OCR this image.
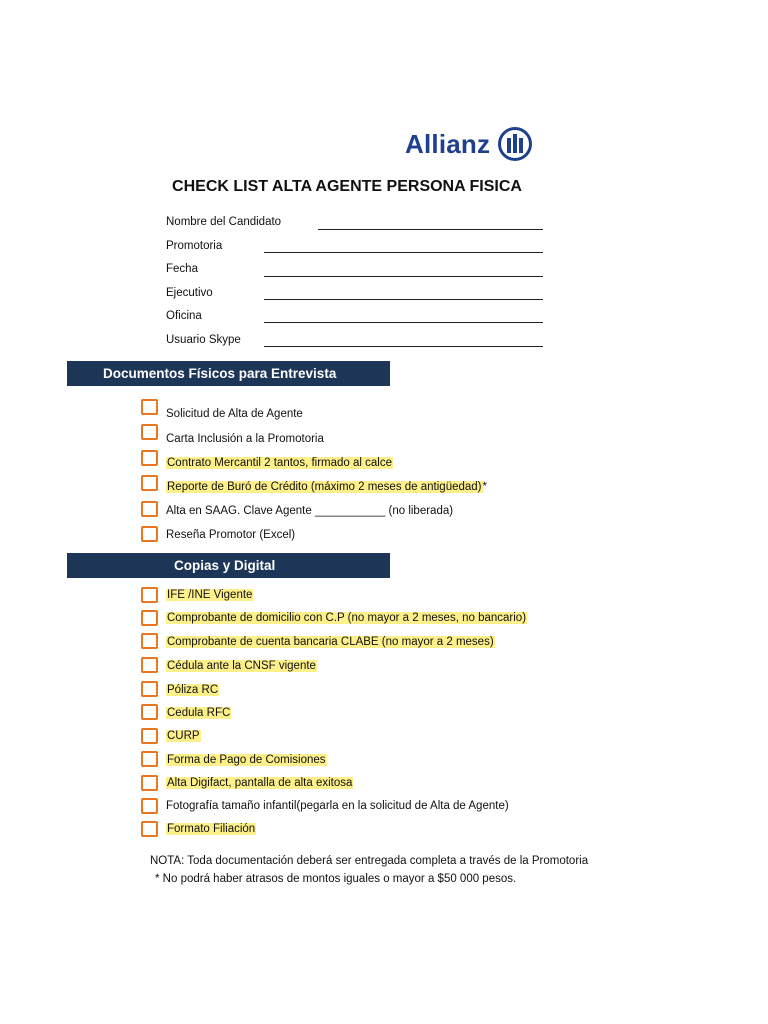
Allianz
CHECK LIST ALTA AGENTE PERSONA FISICA
Nombre del Candidato
Promotoria
Fecha
Ejecutivo
Oficina
Usuario Skype
Documentos Físicos para Entrevista
Solicitud de Alta de Agente
Carta Inclusión a la Promotoria
Contrato Mercantil 2 tantos, firmado al calce
Reporte de Buró de Crédito (máximo 2 meses de antigüedad)*
Alta en SAAG. Clave Agente ___________ (no liberada)
Reseña Promotor (Excel)
Copias y Digital
IFE /INE Vigente
Comprobante de domicilio con C.P (no mayor a 2 meses, no bancario)
Comprobante de cuenta bancaria CLABE (no mayor a 2 meses)
Cédula ante la CNSF vigente
Póliza RC
Cedula RFC
CURP
Forma de Pago de Comisiones
Alta Digifact, pantalla de alta exitosa
Fotografía tamaño infantil(pegarla en la solicitud de Alta de Agente)
Formato Filiación
NOTA: Toda documentación deberá ser entregada completa a través de la Promotoria
* No podrá haber atrasos de montos iguales o mayor a $50 000 pesos.
